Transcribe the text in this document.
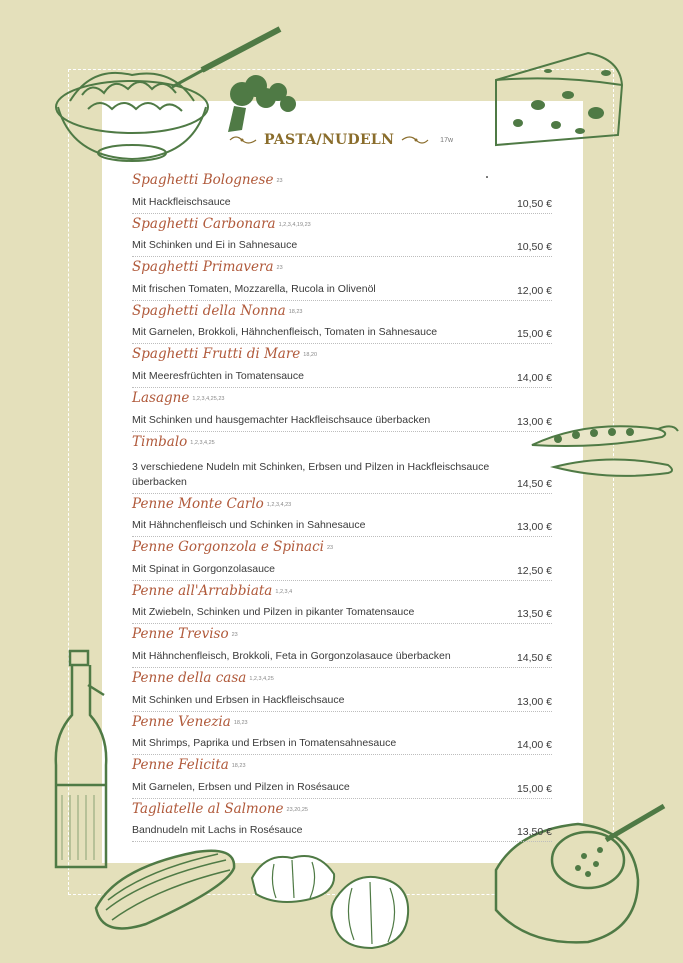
PASTA/NUDELN	17w
Spaghetti Bolognese 23
Mit Hackfleischsauce	10,50 €
Spaghetti Carbonara 1,2,3,4,19,23
Mit Schinken und Ei in Sahnesauce	10,50 €
Spaghetti Primavera 23
Mit frischen Tomaten, Mozzarella, Rucola in Olivenöl	12,00 €
Spaghetti della Nonna 18,23
Mit Garnelen, Brokkoli, Hähnchenfleisch, Tomaten in Sahnesauce	15,00 €
Spaghetti Frutti di Mare 18,20
Mit Meeresfrüchten in Tomatensauce	14,00 €
Lasagne 1,2,3,4,25,23
Mit Schinken und hausgemachter Hackfleischsauce überbacken	13,00 €
Timbalo 1,2,3,4,25
3 verschiedene Nudeln mit Schinken, Erbsen und Pilzen in Hackfleischsauce überbacken	14,50 €
Penne Monte Carlo 1,2,3,4,23
Mit Hähnchenfleisch und Schinken in Sahnesauce	13,00 €
Penne Gorgonzola e Spinaci 23
Mit Spinat in Gorgonzolasauce	12,50 €
Penne all'Arrabbiata 1,2,3,4
Mit Zwiebeln, Schinken und Pilzen in pikanter Tomatensauce	13,50 €
Penne Treviso 23
Mit Hähnchenfleisch, Brokkoli, Feta in Gorgonzolasauce überbacken	14,50 €
Penne della casa 1,2,3,4,25
Mit Schinken und Erbsen in Hackfleischsauce	13,00 €
Penne Venezia 18,23
Mit Shrimps, Paprika und Erbsen in Tomatensahnesauce	14,00 €
Penne Felicita 18,23
Mit Garnelen, Erbsen und Pilzen in Rosésauce	15,00 €
Tagliatelle al Salmone 23,20,25
Bandnudeln mit Lachs in Rosésauce	13,50 €
